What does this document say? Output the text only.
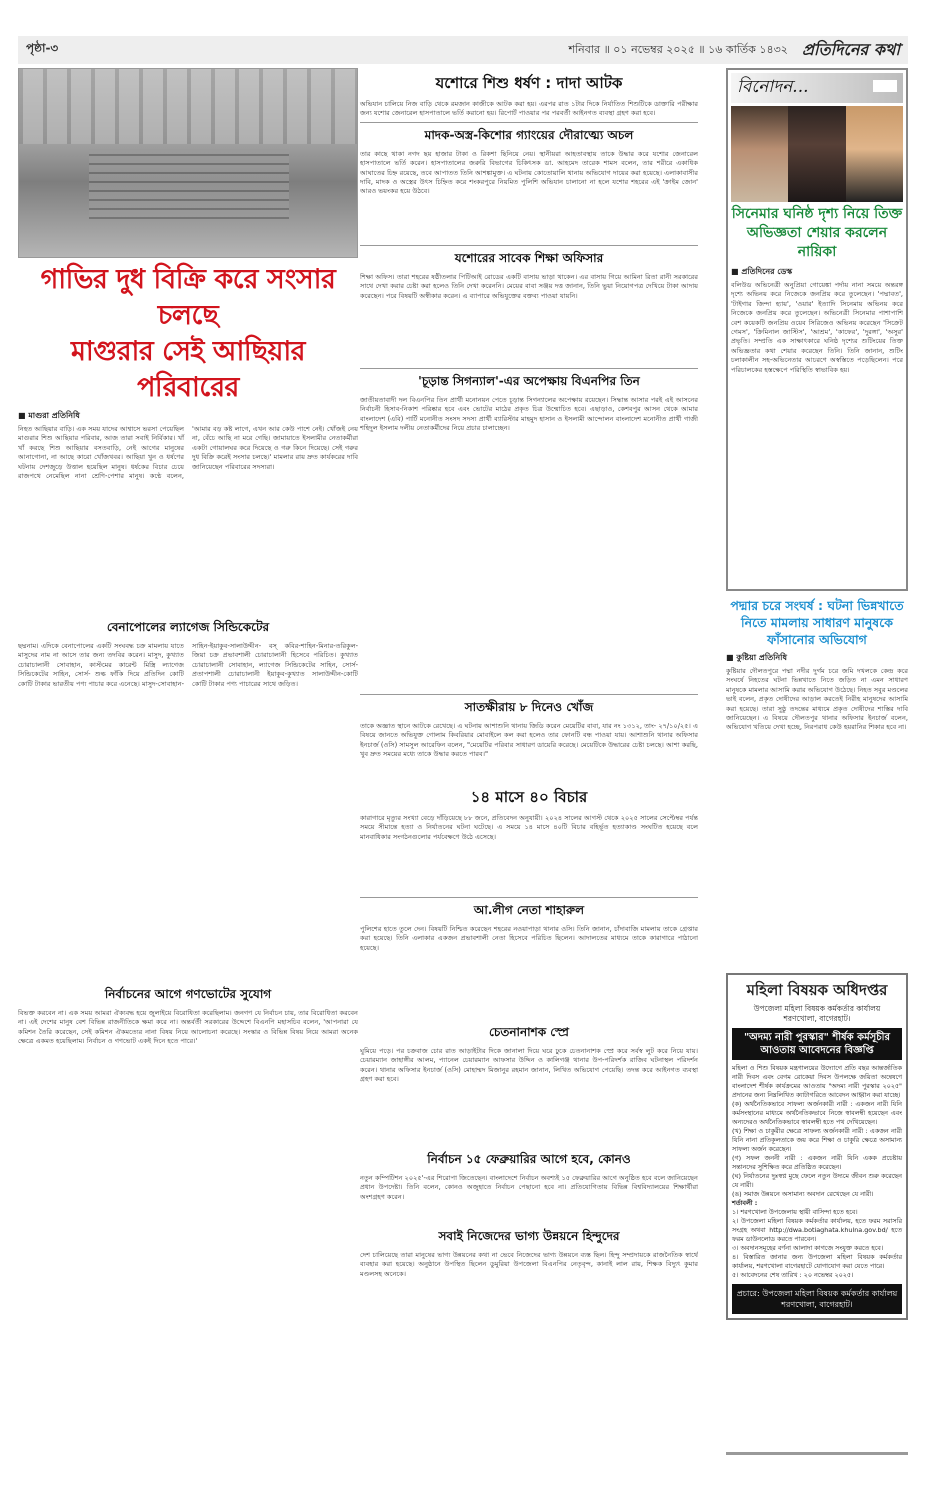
পৃষ্ঠা-৩	শনিবার ॥ ০১ নভেম্বর ২০২৫ ॥ ১৬ কার্তিক ১৪৩২ প্রতিদিনের কথা
গাভির দুধ বিক্রি করে সংসার চলছে
মাগুরার সেই আছিয়ার পরিবারের
■ মাগুরা প্রতিনিধি
নিহত আছিয়ার বাড়ি। এক সময় যাদের আশ্বাসে ভরসা পেয়েছিল মাগুরার শিশু আছিয়ার পরিবার, আজ তারা সবাই নির্বিকার। খাঁ খাঁ করছে শিশু আছিয়ার বসতবাড়ি, নেই আগের মানুষের আনাগোনা, না আছে কারো খোঁজখবর। আছিয়া খুন ও ধর্ষণের ঘটনায় দেশজুড়ে উত্তাল হয়েছিল মানুষ। ধর্ষকের বিচার চেয়ে রাজপথে নেমেছিল নানা শ্রেণি-পেশার মানুষ। কণ্ঠে বলেন, 'আমার বড় কষ্ট লাগে, এখন আর কেউ পাশে নেই। খোঁজই নেয় না, বেঁচে আছি না মরে গেছি। জামায়াতে ইসলামীর নেতাকর্মীরা একটা গোয়ালঘর করে দিয়েছে ও গরু কিনে দিয়েছে। সেই গরুর দুধ বিক্রি করেই সংসার চলছে।' মামলার রায় দ্রুত কার্যকরের দাবি জানিয়েছেন পরিবারের সদস্যরা।
বেনাপোলের ল্যাগেজ সিন্ডিকেটের
ছদ্মনাম। এদিকে বেনাপোলের একটি সংঘবদ্ধ চক্র মামলায় যাতে মাসুদের নাম না আসে তার জন্য তদবির করেন। মাসুদ, কুখ্যাত চোরাচালানী সোবাহান, কাস্টমের কারেন্ট মিস্ত্রি ল্যাগেজ সিন্ডিকেটের সাহিন, সোর্স- শুল্ক ফাঁকি দিয়ে প্রতিদিন কোটি কোটি টাকার ভারতীয় পণ্য পাচার করে এনেছে। মাসুদ-সোবাহান-সাহিন-ইয়াকুব-সালাউদ্দীন- বস্ কবির-শাহিন-মিনার-তরিকুল-জিয়া চক্র প্রভাবশালী চোরাচালানী হিসেবে পরিচিত। কুখ্যাত চোরাচালানী সোবাহান, ল্যাগেজ সিন্ডিকেটের সাহিন, সোর্স- প্রতাপশালী চোরাচালানী ইয়াকুব-কুখ্যাত সালাউদ্দীন-কোটি কোটি টাকার পণ্য পাচারের সাথে জড়িত।
নির্বাচনের আগে গণভোটের সুযোগ
বিভক্ত করবেন না। এক সময় আমরা ঐক্যবদ্ধ হয়ে জুলাইয়ে বিরোধিতা করেছিলাম। জনগণ যে নির্বাচন চায়, তার বিরোধিতা করবেন না। এই দেশের মানুষ বেশ বিভিন্ন রাজনীতিকে ক্ষমা করে না। অন্তর্বর্তী সরকারের উদ্দেশে বিএনপি মহাসচিব বলেন, 'আপনারা যে কমিশন তৈরি করেছেন, সেই কমিশন ঐকমত্যের নানা বিষয় নিয়ে আলোচনা করেছে। সংস্কার ও বিভিন্ন বিষয় নিয়ে আমরা অনেক ক্ষেত্রে একমত হয়েছিলাম। নির্বাচন ও গণভোট একই দিনে হতে পারে।'
যশোরে শিশু ধর্ষণ : দাদা আটক
অভিযান চালিয়ে নিজ বাড়ি থেকে রমজান কাজীকে আটক করা হয়। এরপর রাত ১টার দিকে নির্যাতিত শিশুটিকে ডাক্তারি পরীক্ষার জন্য যশোর জেনারেল হাসপাতালে ভর্তি করানো হয়। রিপোর্ট পাওয়ার পর পরবর্তী আইনগত ব্যবস্থা গ্রহণ করা হবে।
মাদক-অস্ত্র-কিশোর গ্যাংয়ের দৌরাত্ম্যে অচল
তার কাছে থাকা নগদ ছয় হাজার টাকা ও রিকশা ছিনিয়ে নেয়। স্থানীয়রা আহতাবস্থায় তাকে উদ্ধার করে যশোর জেনারেল হাসপাতালে ভর্তি করেন। হাসপাতালের জরুরি বিভাগের চিকিৎসক ডা. আহমেদ তারেক শামস বলেন, তার শরীরে একাধিক আঘাতের চিহ্ন রয়েছে, তবে আপাতত তিনি আশঙ্কামুক্ত। এ ঘটনায় কোতোয়ালি থানায় অভিযোগ দায়ের করা হয়েছে। এলাকাবাসীর দাবি, মাদক ও অস্ত্রের উৎস চিহ্নিত করে শংকরপুরে নিয়মিত পুলিশি অভিযান চালানো না হলে যশোর শহরের এই 'ক্রাইম জোন' আরও ভয়ংকর হয়ে উঠবে।
যশোরের সাবেক শিক্ষা অফিসার
শিক্ষা অফিস। তারা শহরের ষষ্ঠীতলার পিটিআই রোডের একটি বাসায় ভাড়া থাকেন। এর বাসায় গিয়ে আমিনা রিতা রানী সরকারের সাথে দেখা করার চেষ্টা করা হলেও তিনি দেখা করেননি। মেয়ের বাবা সঞ্জয় দত্ত জানান, তিনি ভুয়া নিয়োগপত্র দেখিয়ে টাকা আদায় করেছেন। পরে বিষয়টি অস্বীকার করেন। এ ব্যাপারে অভিযুক্তের বক্তব্য পাওয়া যায়নি।
'চূড়ান্ত সিগন্যাল'-এর অপেক্ষায় বিএনপির তিন
জাতীয়তাবাদী দল বিএনপির তিন প্রার্থী মনোনয়ন পেতে চূড়ান্ত সিগন্যালের অপেক্ষায় রয়েছেন। সিদ্ধান্ত আসার পরই এই আসনের নির্বাচনী হিসাব-নিকাশ পরিষ্কার হবে এবং ভোটের মাঠের প্রকৃত চিত্র উন্মোচিত হবে। এছাড়াও, কেশবপুর আসন থেকে আমার বাংলাদেশ (এবি) পার্টি মনোনীত সংসদ সদস্য প্রার্থী ব্যারিস্টার মাহমুদ হাসান ও ইসলামী আন্দোলন বাংলাদেশ মনোনীত প্রার্থী গাজী শহিদুল ইসলাম দলীয় নেতাকর্মীদের নিয়ে প্রচার চালাচ্ছেন।
সাতক্ষীরায় ৮ দিনেও খোঁজ
তাকে অজ্ঞাত স্থানে আটকে রেখেছে। এ ঘটনায় আশাশুনি থানায় জিডি করেন মেয়েটির বাবা, যার নং ১৩১২, তাং- ২৭/১০/২৫। এ বিষয়ে জানতে অভিযুক্ত গোলাম কিবরিয়ার মোবাইলে কল করা হলেও তার ফোনটি বন্ধ পাওয়া যায়। আশাশুনি থানার অফিসার ইনচার্জ (ওসি) সামসুল আরেফিন বলেন, "মেয়েটির পরিবার সাধারণ ডায়েরি করেছে। মেয়েটিকে উদ্ধারের চেষ্টা চলছে। আশা করছি, খুব দ্রুত সময়ের মধ্যে তাকে উদ্ধার করতে পারব।"
১৪ মাসে ৪০ বিচার
কারাগারে মৃত্যুর সংখ্যা বেড়ে দাঁড়িয়েছে ৮৮ জনে, প্রতিবেদন অনুযায়ী। ২০২৪ সালের আগস্ট থেকে ২০২৫ সালের সেপ্টেম্বর পর্যন্ত সময়ে সীমান্তে হত্যা ও নির্যাতনের ঘটনা ঘটেছে। এ সময়ে ১৪ মাসে ৪০টি বিচার বহির্ভূত হত্যাকাণ্ড সংঘটিত হয়েছে বলে মানবাধিকার সংগঠনগুলোর পর্যবেক্ষণে উঠে এসেছে।
আ.লীগ নেতা শাহারুল
পুলিশের হাতে তুলে দেন। বিষয়টি নিশ্চিত করেছেন শহরের নওয়াপাড়া থানার ওসি। তিনি জানান, চাঁদাবাজি মামলায় তাকে গ্রেপ্তার করা হয়েছে। তিনি এলাকার একজন প্রভাবশালী নেতা হিসেবে পরিচিত ছিলেন। আদালতের মাধ্যমে তাকে কারাগারে পাঠানো হয়েছে।
চেতনানাশক স্প্রে
ঘুমিয়ে পড়ে। পর চক্রবাজ চোর রাত আড়াইটার দিকে জানালা দিয়ে ঘরে ঢুকে চেতনানাশক স্প্রে করে সর্বস্ব লুট করে নিয়ে যায়। চেয়ারম্যান জাহাঙ্গীর আলম, প্যানেল চেয়ারম্যান আফসার উদ্দিন ও কালিগঞ্জ থানার উপ-পরিদর্শক রাজিব ঘটনাস্থল পরিদর্শন করেন। থানার অফিসার ইনচার্জ (ওসি) মোহাম্মদ মিজানুর রহমান জানান, লিখিত অভিযোগ পেয়েছি। তদন্ত করে আইনগত ব্যবস্থা গ্রহণ করা হবে।
নির্বাচন ১৫ ফেব্রুয়ারির আগে হবে, কোনও
নতুন কম্পিটিশন ২০২৫'-এর শিরোপা জিতেছেন। বাংলাদেশে নির্বাচন অবশ্যই ১৫ ফেব্রুয়ারির আগে অনুষ্ঠিত হবে বলে জানিয়েছেন প্রধান উপদেষ্টা। তিনি বলেন, কোনও অজুহাতে নির্বাচন পেছানো হবে না। প্রতিযোগিতায় বিভিন্ন বিশ্ববিদ্যালয়ের শিক্ষার্থীরা অংশগ্রহণ করেন।
সবাই নিজেদের ভাগ্য উন্নয়নে হিন্দুদের
দেশ চালিয়েছে তারা মানুষের ভাগ্য উন্নয়নের কথা না ভেবে নিজেদের ভাগ্য উন্নয়নে ব্যস্ত ছিল। হিন্দু সম্প্রদায়কে রাজনৈতিক স্বার্থে ব্যবহার করা হয়েছে। অনুষ্ঠানে উপস্থিত ছিলেন ডুমুরিয়া উপজেলা বিএনপির নেতৃবৃন্দ, কানাই লাল রায়, শিক্ষক বিদ্যুৎ কুমার মণ্ডলসহ অনেকে।
বিনোদন...
সিনেমার ঘনিষ্ঠ দৃশ্য নিয়ে তিক্ত অভিজ্ঞতা শেয়ার করলেন নায়িকা
■ প্রতিদিনের ডেস্ক
বলিউড অভিনেত্রী অনুপ্রিয়া গোয়েঙ্কা পর্দায় নানা সময়ে অন্তরঙ্গ দৃশ্যে অভিনয় করে নিজেকে জনপ্রিয় করে তুলেছেন। 'পদ্মাবত', 'টাইগার জিন্দা হ্যায়', 'ওয়ার' ইত্যাদি সিনেমায় অভিনয় করে নিজেকে জনপ্রিয় করে তুলেছেন। অভিনেত্রী সিনেমার পাশাপাশি বেশ কয়েকটি জনপ্রিয় ওয়েব সিরিজেও অভিনয় করেছেন 'সিক্রেট গেমস', 'ক্রিমিনাল জাস্টিস', 'আশ্রম', 'কাফের', 'দুরঙ্গা', 'অসুর' প্রভৃতি। সম্প্রতি এক সাক্ষাৎকারে ঘনিষ্ঠ দৃশ্যের শুটিংয়ের তিক্ত অভিজ্ঞতার কথা শেয়ার করেছেন তিনি। তিনি জানান, শুটিং চলাকালীন সহ-অভিনেতার আচরণে অস্বস্তিতে পড়েছিলেন। পরে পরিচালকের হস্তক্ষেপে পরিস্থিতি স্বাভাবিক হয়।
পদ্মার চরে সংঘর্ষ : ঘটনা ভিন্নখাতে নিতে মামলায় সাধারণ মানুষকে ফাঁসানোর অভিযোগ
■ কুষ্টিয়া প্রতিনিধি
কুষ্টিয়ার দৌলতপুরে পদ্মা নদীর দুর্গম চরে জমি দখলকে কেন্দ্র করে সংঘর্ষে নিহতের ঘটনা ভিন্নখাতে নিতে জড়িত না এমন সাধারণ মানুষকে মামলার আসামি করার অভিযোগ উঠেছে। নিহত সবুর মণ্ডলের ভাই বলেন, প্রকৃত দোষীদের আড়াল করতেই নিরীহ মানুষদের আসামি করা হয়েছে। তারা সুষ্ঠু তদন্তের মাধ্যমে প্রকৃত দোষীদের শাস্তির দাবি জানিয়েছেন। এ বিষয়ে দৌলতপুর থানার অফিসার ইনচার্জ বলেন, অভিযোগ খতিয়ে দেখা হচ্ছে, নিরপরাধ কেউ হয়রানির শিকার হবে না।
মহিলা বিষয়ক অধিদপ্তর
উপজেলা মহিলা বিষয়ক কর্মকর্তার কার্যালয়
শরণখোলা, বাগেরহাট।
"অদম্য নারী পুরস্কার" শীর্ষক কর্মসূচীর আওতায় আবেদনের বিজ্ঞপ্তি
মহিলা ও শিশু বিষয়ক মন্ত্রণালয়ের উদ্যোগে প্রতি বছর আন্তর্জাতিক নারী দিবস এবং বেগম রোকেয়া দিবস উপলক্ষে জয়িতা অন্বেষণে বাংলাদেশ শীর্ষক কার্যক্রমের আওতায় "অদম্য নারী পুরস্কার ২০২৫" প্রদানের জন্য নিম্নলিখিত ক্যাটাগরিতে আবেদন আহ্বান করা যাচ্ছে।
(ক) অর্থনৈতিকভাবে সাফল্য অর্জনকারী নারী : একজন নারী যিনি কর্মসংস্থানের মাধ্যমে অর্থনৈতিকভাবে নিজে স্বাবলম্বী হয়েছেন এবং অন্যদেরও অর্থনৈতিকভাবে স্বাবলম্বী হতে পথ দেখিয়েছেন।
(খ) শিক্ষা ও চাকুরীর ক্ষেত্রে সাফল্য অর্জনকারী নারী : একজন নারী যিনি নানা প্রতিকূলতাকে জয় করে শিক্ষা ও চাকুরি ক্ষেত্রে অসামান্য সাফল্য অর্জন করেছেন।
(গ) সফল জননী নারী : একজন নারী যিনি একক প্রচেষ্টায় সন্তানদের সুশিক্ষিত করে প্রতিষ্ঠিত করেছেন।
(ঘ) নির্যাতনের দুঃস্বপ্ন মুছে ফেলে নতুন উদ্যমে জীবন শুরু করেছেন যে নারী।
(ঙ) সমাজ উন্নয়নে অসামান্য অবদান রেখেছেন যে নারী।
শর্তাবলী :
১। শরণখোলা উপজেলায় স্থায়ী বাসিন্দা হতে হবে।
২। উপজেলা মহিলা বিষয়ক কর্মকর্তার কার্যালয়, হতে ফরম সরাসরি সংগ্রহ অথবা http://dwa.botiaghata.khulna.gov.bd/ হতে ফরম ডাউনলোড করতে পারবেন।
৩। অবদানসমূহের বর্ণনা আলাদা কাগজে সংযুক্ত করতে হবে।
৪। বিস্তারিত জানার জন্য উপজেলা মহিলা বিষয়ক কর্মকর্তার কার্যালয়, শরণখোলা বাগেরহাটে যোগাযোগ করা যেতে পারে।
৫। আবেদনের শেষ তারিখ : ২০ নভেম্বর ২০২৫।
প্রচারে: উপজেলা মহিলা বিষয়ক কর্মকর্তার কার্যালয় শরণখোলা, বাগেরহাট।
